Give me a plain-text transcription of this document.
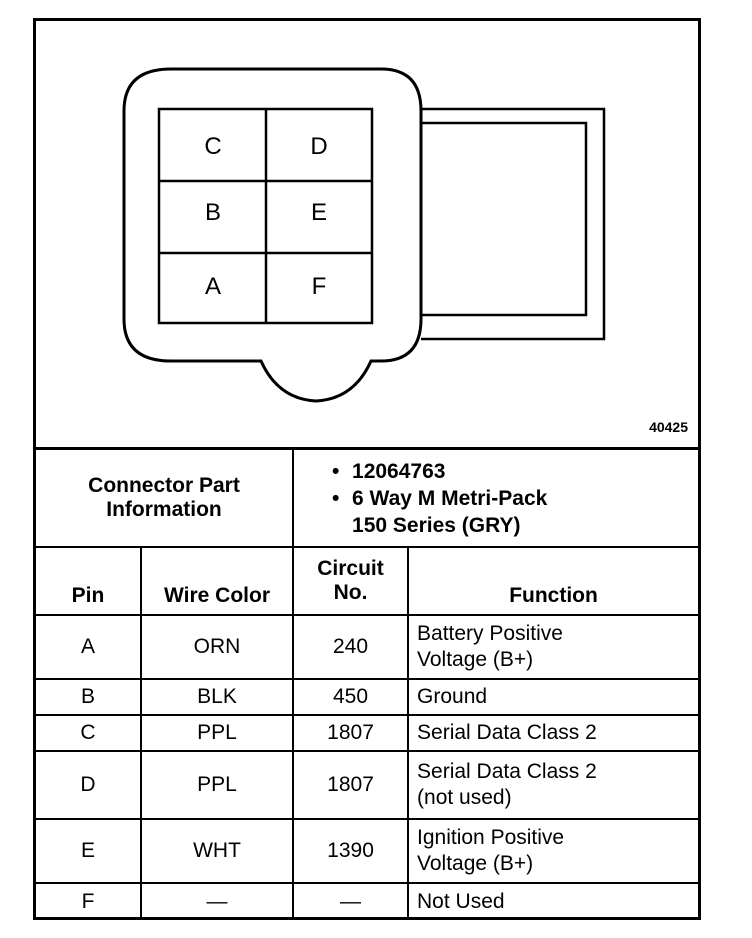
C	D
B	E
A	F
40425
Connector Part Information		• 12064763
• 6 Way M Metri-Pack
150 Series (GRY)	

Pin	Wire Color	Circuit No.	Function
A	ORN	240	Battery Positive
Voltage (B+)
B	BLK	450	Ground
C	PPL	1807	Serial Data Class 2
D	PPL	1807	Serial Data Class 2
(not used)
E	WHT	1390	Ignition Positive
Voltage (B+)
F	—	—	Not Used
